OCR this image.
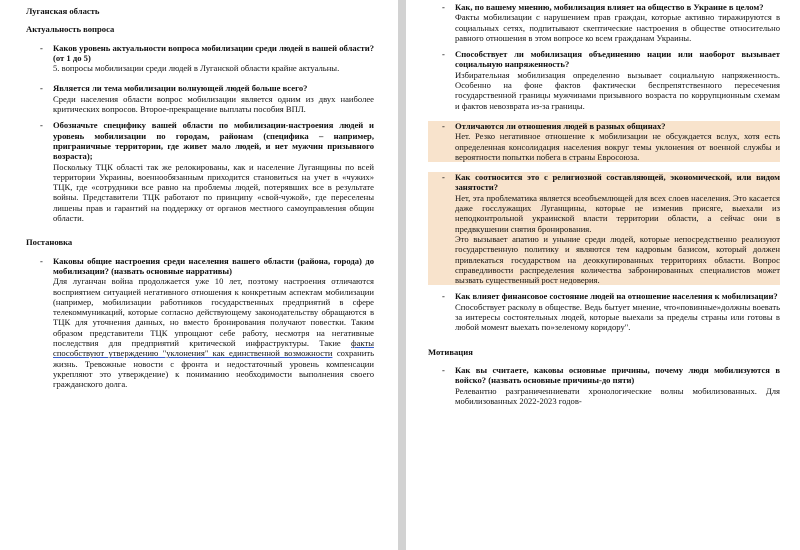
Луганская область
Актуальность вопроса
- Каков уровень актуальности вопроса мобилизации среди людей в вашей области? (от 1 до 5)
5. вопросы мобилизации среди людей в Луганской области крайне актуальны.
- Является ли тема мобилизации волнующей людей больше всего?
Среди населения области вопрос мобилизации является одним из двух наиболее критических вопросов. Второе-прекращение выплаты пособия ВПЛ.
- Обозначьте специфику вашей области по мобилизации-настроения людей и уровень мобилизации по городам, районам (специфика – например, приграничные территории, где живет мало людей, и нет мужчин призывного возраста);
Поскольку ТЦК області так же релокированы, как и население Луганщины по всей территории Украины, военнообязанным приходится становиться на учет в «чужих» ТЦК, где «сотрудники все равно на проблемы людей, потерявших все в результате войны. Представители ТЦК работают по принципу «свой-чужой», где переселены лишены прав и гарантий на поддержку от органов местного самоуправления общин области.
Постановка
- Каковы общие настроения среди населения вашего области (района, города) до мобилизации? (назвать основные нарративы)
Для луганчан война продолжается уже 10 лет, поэтому настроения отличаются восприятием ситуацией негативного отношения к конкретным аспектам мобилизации (например, мобилизации работников государственных предприятий в сфере телекоммуникаций, которые согласно действующему законодательству обращаются в ТЦК для уточнения данных, но вместо бронирования получают повестки. Таким образом представители ТЦК упрощают себе работу, несмотря на негативные последствия для предприятий критической инфраструктуры. Такие факты способствуют утверждению "уклонения" как единственной возможности сохранить жизнь. Тревожные новости с фронта и недостаточный уровень компенсации укрепляют это утверждение) к пониманию необходимости выполнения своего гражданского долга.
- Как, по вашему мнению, мобилизация влияет на общество в Украине в целом?
Факты мобилизации с нарушением прав граждан, которые активно тиражируются в социальных сетях, подпитывают скептические настроения в обществе относительно равного отношения в этом вопросе ко всем гражданам Украины.
- Способствует ли мобилизация объединению нации или наоборот вызывает социальную напряженность?
Избирательная мобилизация определенно вызывает социальную напряженность. Особенно на фоне фактов фактически беспрепятственного пересечения государственной границы мужчинами призывного возраста по коррупционным схемам и фактов невозврата из-за границы.
- Отличаются ли отношения людей в разных общинах?
Нет. Резко негативное отношение к мобилизации не обсуждается вслух, хотя есть определенная консолидация населения вокруг темы уклонения от военной службы и вероятности попытки побега в страны Евросоюза.
- Как соотносится это с религиозной составляющей, экономической, или видом занятости?
Нет, эта проблематика является всеобъемлющей для всех слоев населения. Это касается даже госслужащих Луганщины, которые не изменив присяге, выехали из неподконтрольной украинской власти территории области, а сейчас они в предвкушении снятия бронирования.
Это вызывает апатию и уныние среди людей, которые непосредственно реализуют государственную политику и являются тем кадровым базисом, который должен привлекаться государством на деоккупированных территориях области. Вопрос справедливости распределения количества забронированных специалистов может вызвать существенный рост недоверия.
- Как влияет финансовое состояние людей на отношение населения к мобилизации?
Способствует расколу в обществе. Ведь бытует мнение, что«повинные»должны воевать за интересы состоятельных людей, которые выехали за пределы страны или готовы в любой момент выехать по»зеленому коридору".
Мотивация
- Как вы считаете, каковы основные причины, почему люди мобилизуются в войско? (назвать основные причины-до пяти)
Релевантно разграниченниевати хронологические волны мобилизованных. Для мобилизованных 2022-2023 годов-
